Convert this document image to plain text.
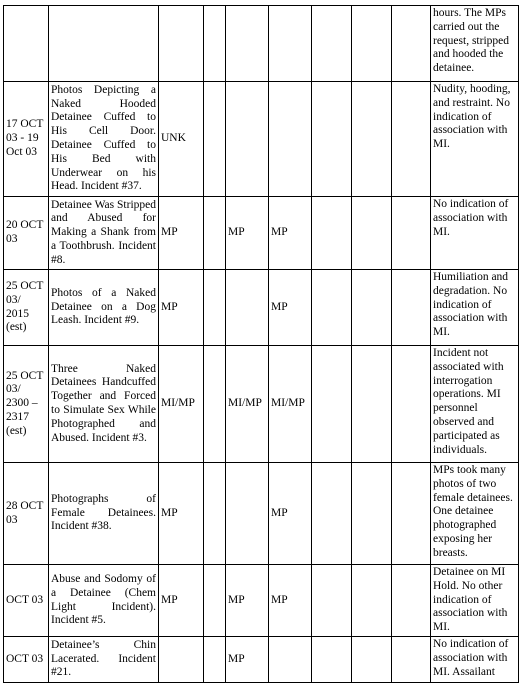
									hours. The MPs carried out the request, stripped and hooded the detainee.
17 OCT 03 - 19 Oct 03	Photos Depicting a Naked Hooded Detainee Cuffed to His Cell Door. Detainee Cuffed to His Bed with Underwear on his Head. Incident #37.	UNK							Nudity, hooding, and restraint. No indication of association with MI.
20 OCT 03	Detainee Was Stripped and Abused for Making a Shank from a Toothbrush. Incident #8.	MP		MP	MP				No indication of association with MI.
25 OCT 03/ 2015 (est)	Photos of a Naked Detainee on a Dog Leash. Incident #9.	MP			MP				Humiliation and degradation. No indication of association with MI.
25 OCT 03/ 2300 – 2317 (est)	Three Naked Detainees Handcuffed Together and Forced to Simulate Sex While Photographed and Abused. Incident #3.	MI/MP		MI/MP	MI/MP				Incident not associated with interrogation operations. MI personnel observed and participated as individuals.
28 OCT 03	Photographs of Female Detainees. Incident #38.	MP			MP				MPs took many photos of two female detainees. One detainee photographed exposing her breasts.
OCT 03	Abuse and Sodomy of a Detainee (Chem Light Incident). Incident #5.	MP		MP	MP				Detainee on MI Hold. No other indication of association with MI.
OCT 03	Detainee’s Chin Lacerated. Incident #21.			MP					No indication of association with MI. Assailant
